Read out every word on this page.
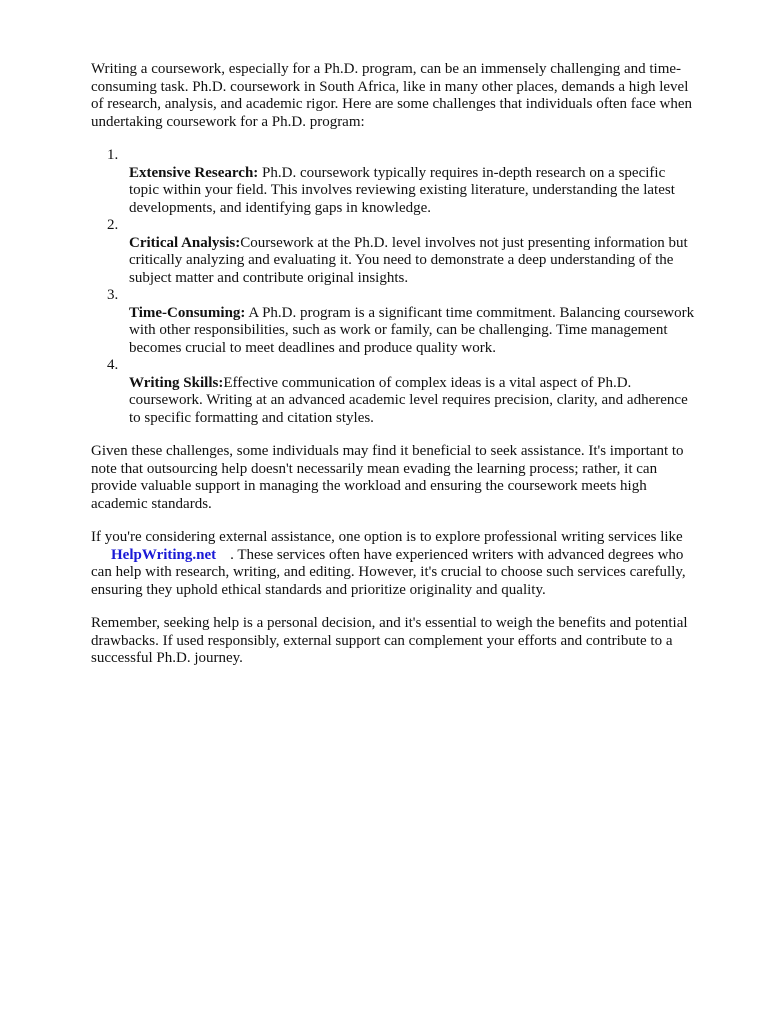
Writing a coursework, especially for a Ph.D. program, can be an immensely challenging and time-
consuming task. Ph.D. coursework in South Africa, like in many other places, demands a high level
of research, analysis, and academic rigor. Here are some challenges that individuals often face when
undertaking coursework for a Ph.D. program:

1.
Extensive Research: Ph.D. coursework typically requires in-depth research on a specific
topic within your field. This involves reviewing existing literature, understanding the latest
developments, and identifying gaps in knowledge.

2.
Critical Analysis:Coursework at the Ph.D. level involves not just presenting information but
critically analyzing and evaluating it. You need to demonstrate a deep understanding of the
subject matter and contribute original insights.

3.
Time-Consuming: A Ph.D. program is a significant time commitment. Balancing coursework
with other responsibilities, such as work or family, can be challenging. Time management
becomes crucial to meet deadlines and produce quality work.

4.
Writing Skills:Effective communication of complex ideas is a vital aspect of Ph.D.
coursework. Writing at an advanced academic level requires precision, clarity, and adherence
to specific formatting and citation styles.

Given these challenges, some individuals may find it beneficial to seek assistance. It's important to
note that outsourcing help doesn't necessarily mean evading the learning process; rather, it can
provide valuable support in managing the workload and ensuring the coursework meets high
academic standards.

If you're considering external assistance, one option is to explore professional writing services like
HelpWriting.net . These services often have experienced writers with advanced degrees who
can help with research, writing, and editing. However, it's crucial to choose such services carefully,
ensuring they uphold ethical standards and prioritize originality and quality.

Remember, seeking help is a personal decision, and it's essential to weigh the benefits and potential
drawbacks. If used responsibly, external support can complement your efforts and contribute to a
successful Ph.D. journey.
